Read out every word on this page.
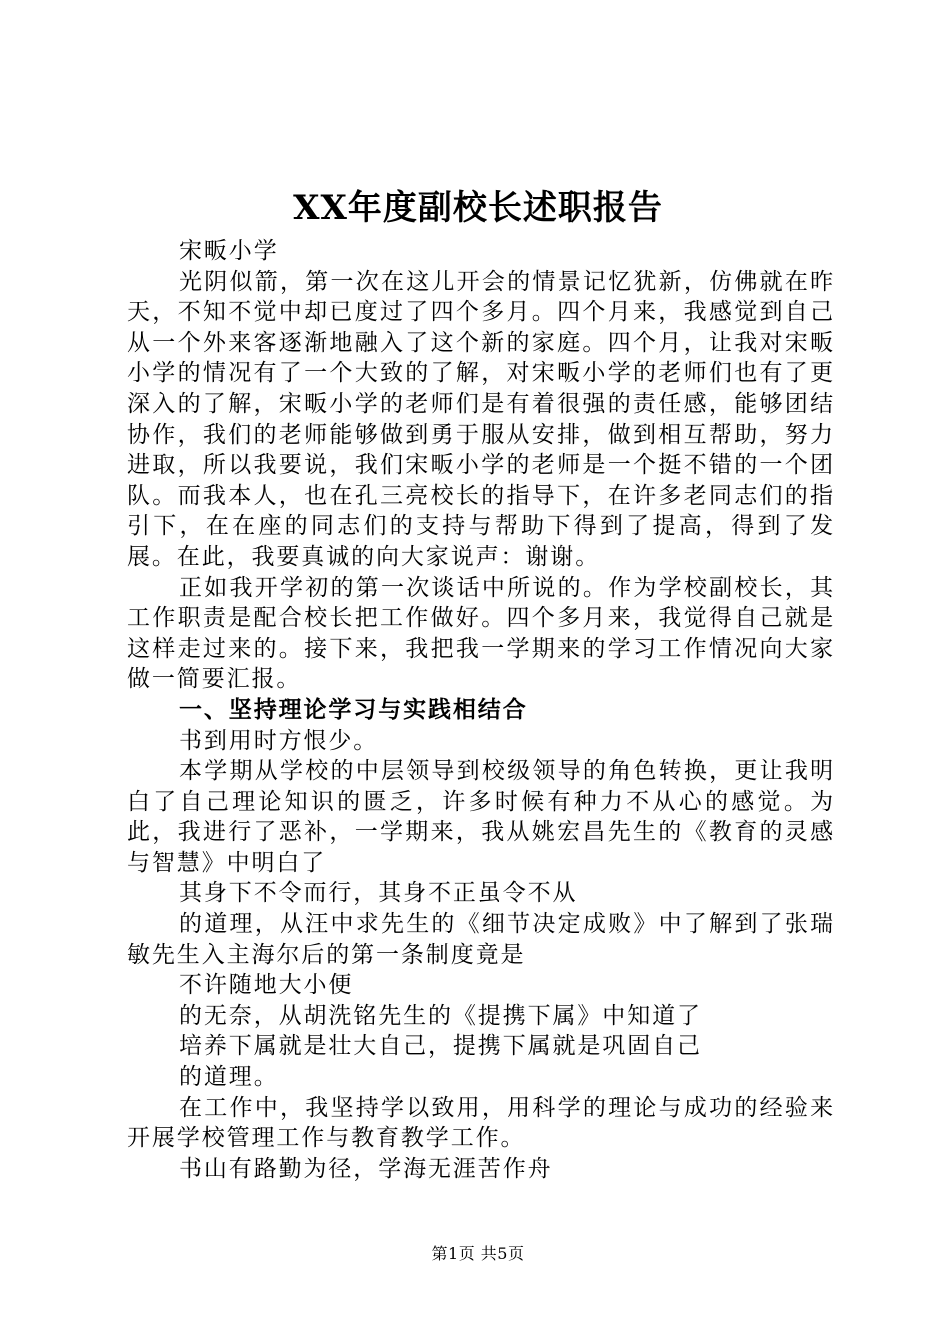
XX年度副校长述职报告

宋畈小学

光阴似箭，第一次在这儿开会的情景记忆犹新，仿佛就在昨天，不知不觉中却已度过了四个多月。四个月来，我感觉到自己从一个外来客逐渐地融入了这个新的家庭。四个月，让我对宋畈小学的情况有了一个大致的了解，对宋畈小学的老师们也有了更深入的了解，宋畈小学的老师们是有着很强的责任感，能够团结协作，我们的老师能够做到勇于服从安排，做到相互帮助，努力进取，所以我要说，我们宋畈小学的老师是一个挺不错的一个团队。而我本人，也在孔三亮校长的指导下，在许多老同志们的指引下，在在座的同志们的支持与帮助下得到了提高，得到了发展。在此，我要真诚的向大家说声：谢谢。

正如我开学初的第一次谈话中所说的。作为学校副校长，其工作职责是配合校长把工作做好。四个多月来，我觉得自己就是这样走过来的。接下来，我把我一学期来的学习工作情况向大家做一简要汇报。

一、坚持理论学习与实践相结合

书到用时方恨少。

本学期从学校的中层领导到校级领导的角色转换，更让我明白了自己理论知识的匮乏，许多时候有种力不从心的感觉。为此，我进行了恶补，一学期来，我从姚宏昌先生的《教育的灵感与智慧》中明白了

其身下不令而行，其身不正虽令不从

的道理，从汪中求先生的《细节决定成败》中了解到了张瑞敏先生入主海尔后的第一条制度竟是

不许随地大小便

的无奈，从胡洗铭先生的《提携下属》中知道了

培养下属就是壮大自己，提携下属就是巩固自己

的道理。

在工作中，我坚持学以致用，用科学的理论与成功的经验来开展学校管理工作与教育教学工作。

书山有路勤为径，学海无涯苦作舟

第1页 共5页
